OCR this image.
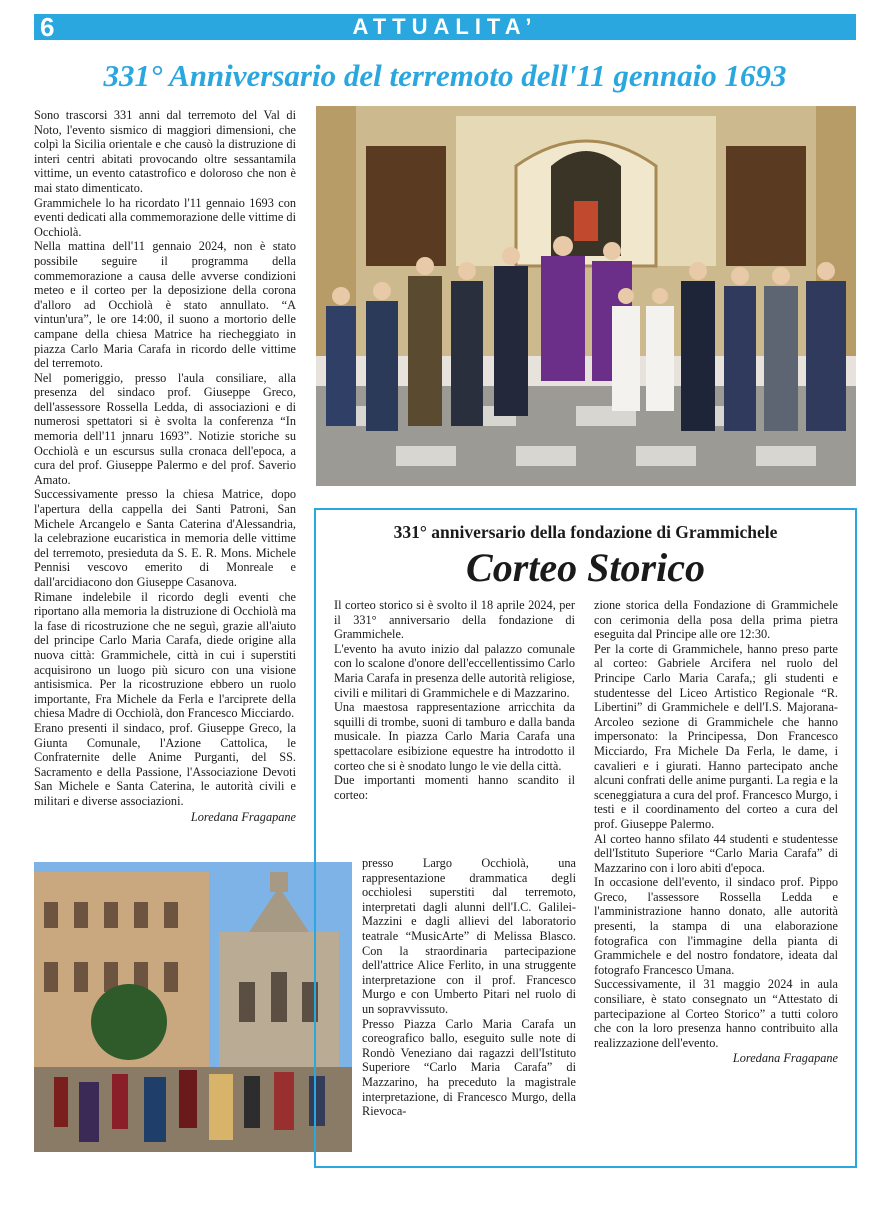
6	ATTUALITA’
331° Anniversario del terremoto dell'11 gennaio 1693

Sono trascorsi 331 anni dal terremoto del Val di Noto, l'evento sismico di maggiori dimensioni, che colpì la Sicilia orientale e che causò la distruzione di interi centri abitati provocando oltre sessantamila vittime, un evento catastrofico e doloroso che non è mai stato dimenticato.

Grammichele lo ha ricordato l'11 gennaio 1693 con eventi dedicati alla commemorazione delle vittime di Occhiolà.

Nella mattina dell'11 gennaio 2024, non è stato possibile seguire il programma della commemorazione a causa delle avverse condizioni meteo e il corteo per la deposizione della corona d'alloro ad Occhiolà è stato annullato. “A vintun'ura”, le ore 14:00, il suono a mortorio delle campane della chiesa Matrice ha riecheggiato in piazza Carlo Maria Carafa in ricordo delle vittime del terremoto.

Nel pomeriggio, presso l'aula consiliare, alla presenza del sindaco prof. Giuseppe Greco, dell'assessore Rossella Ledda, di associazioni e di numerosi spettatori si è svolta la conferenza “In memoria dell'11 jnnaru 1693”. Notizie storiche su Occhiolà e un escursus sulla cronaca dell'epoca, a cura del prof. Giuseppe Palermo e del prof. Saverio Amato.

Successivamente presso la chiesa Matrice, dopo l'apertura della cappella dei Santi Patroni, San Michele Arcangelo e Santa Caterina d'Alessandria, la celebrazione eucaristica in memoria delle vittime del terremoto, presieduta da S. E. R. Mons. Michele Pennisi vescovo emerito di Monreale e dall'arcidiacono don Giuseppe Casanova.

Rimane indelebile il ricordo degli eventi che riportano alla memoria la distruzione di Occhiolà ma la fase di ricostruzione che ne seguì, grazie all'aiuto del principe Carlo Maria Carafa, diede origine alla nuova città: Grammichele, città in cui i superstiti acquisirono un luogo più sicuro con una visione antisismica. Per la ricostruzione ebbero un ruolo importante, Fra Michele da Ferla e l'arciprete della chiesa Madre di Occhiolà, don Francesco Micciardo.

Erano presenti il sindaco, prof. Giuseppe Greco, la Giunta Comunale, l'Azione Cattolica, le Confraternite delle Anime Purganti, del SS. Sacramento e della Passione, l'Associazione Devoti San Michele e Santa Caterina, le autorità civili e militari e diverse associazioni.

Loredana Fragapane
331° anniversario della fondazione di Grammichele
Corteo Storico

Il corteo storico si è svolto il 18 aprile 2024, per il 331° anniversario della fondazione di Grammichele.

L'evento ha avuto inizio dal palazzo comunale con lo scalone d'onore dell'eccellentissimo Carlo Maria Carafa in presenza delle autorità religiose, civili e militari di Grammichele e di Mazzarino.

Una maestosa rappresentazione arricchita da squilli di trombe, suoni di tamburo e dalla banda musicale. In piazza Carlo Maria Carafa una spettacolare esibizione equestre ha introdotto il corteo che si è snodato lungo le vie della città.

Due importanti momenti hanno scandito il corteo:

presso Largo Occhiolà, una rappresentazione drammatica degli occhiolesi superstiti dal terremoto, interpretati dagli alunni dell'I.C. Galilei-Mazzini e dagli allievi del laboratorio teatrale “MusicArte” di Melissa Blasco. Con la straordinaria partecipazione dell'attrice Alice Ferlito, in una struggente interpretazione con il prof. Francesco Murgo e con Umberto Pitari nel ruolo di un sopravvissuto.

Presso Piazza Carlo Maria Carafa un coreografico ballo, eseguito sulle note di Rondò Veneziano dai ragazzi dell'Istituto Superiore “Carlo Maria Carafa” di Mazzarino, ha preceduto la magistrale interpretazione, di Francesco Murgo, della Rievoca-

zione storica della Fondazione di Grammichele con cerimonia della posa della prima pietra eseguita dal Principe alle ore 12:30.

Per la corte di Grammichele, hanno preso parte al corteo: Gabriele Arcifera nel ruolo del Principe Carlo Maria Carafa,; gli studenti e studentesse del Liceo Artistico Regionale “R. Libertini” di Grammichele e dell'I.S. Majorana-Arcoleo sezione di Grammichele che hanno impersonato: la Principessa, Don Francesco Micciardo, Fra Michele Da Ferla, le dame, i cavalieri e i giurati. Hanno partecipato anche alcuni confrati delle anime purganti. La regia e la sceneggiatura a cura del prof. Francesco Murgo, i testi e il coordinamento del corteo a cura del prof. Giuseppe Palermo.

Al corteo hanno sfilato 44 studenti e studentesse dell'Istituto Superiore “Carlo Maria Carafa” di Mazzarino con i loro abiti d'epoca.

In occasione dell'evento, il sindaco prof. Pippo Greco, l'assessore Rossella Ledda e l'amministrazione hanno donato, alle autorità presenti, la stampa di una elaborazione fotografica con l'immagine della pianta di Grammichele e del nostro fondatore, ideata dal fotografo Francesco Umana.

Successivamente, il 31 maggio 2024 in aula consiliare, è stato consegnato un “Attestato di partecipazione al Corteo Storico” a tutti coloro che con la loro presenza hanno contribuito alla realizzazione dell'evento.

Loredana Fragapane
